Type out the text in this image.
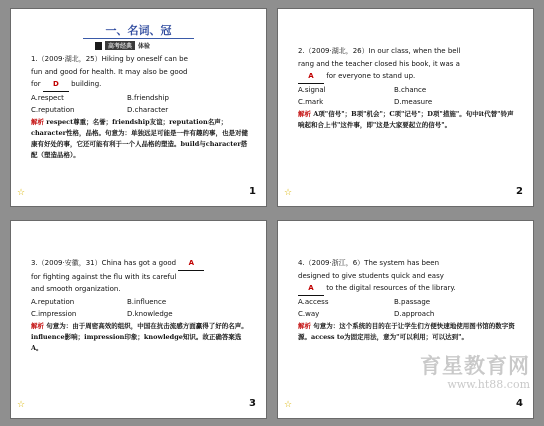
一、名词、冠
高考经典	体验

1.（2009·湖北，25）Hiking by oneself can be

fun and good for health. It may also be good

for D building.

A.respect	B.friendship
C.reputation	D.character

解析 respect尊重；名誉；friendship友谊；reputation名声；character性格，品格。句意为：单独远足可能是一件有趣的事，也是对健康有好处的事，它还可能有利于一个人品格的塑造。build与character搭配（塑造品格）。

☆	1

2.（2009·湖北，26）In our class, when the bell

rang and the teacher closed his book, it was a

A for everyone to stand up.

A.signal	B.chance
C.mark	D.measure

解析 A项"信号"；B项"机会"；C项"记号"；D项"措施"。句中it代替"铃声响起和合上书"这件事，即"这是大家要起立的信号"。

☆	2

3.（2009·安徽，31）China has got a good A

for fighting against the flu with its careful

and smooth organization.

A.reputation	B.influence
C.impression	D.knowledge

解析 句意为：由于周密高效的组织，中国在抗击流感方面赢得了好的名声。influence影响；impression印象；knowledge知识。故正确答案选A。

☆	3

4.（2009·浙江，6）The system has been

designed to give students quick and easy

A to the digital resources of the library.

A.access	B.passage
C.way	D.approach

解析 句意为：这个系统的目的在于让学生们方便快速地使用图书馆的数字资源。access to为固定用法，意为"可以利用；可以达到"。

☆	4
育星教育网
www.ht88.com
